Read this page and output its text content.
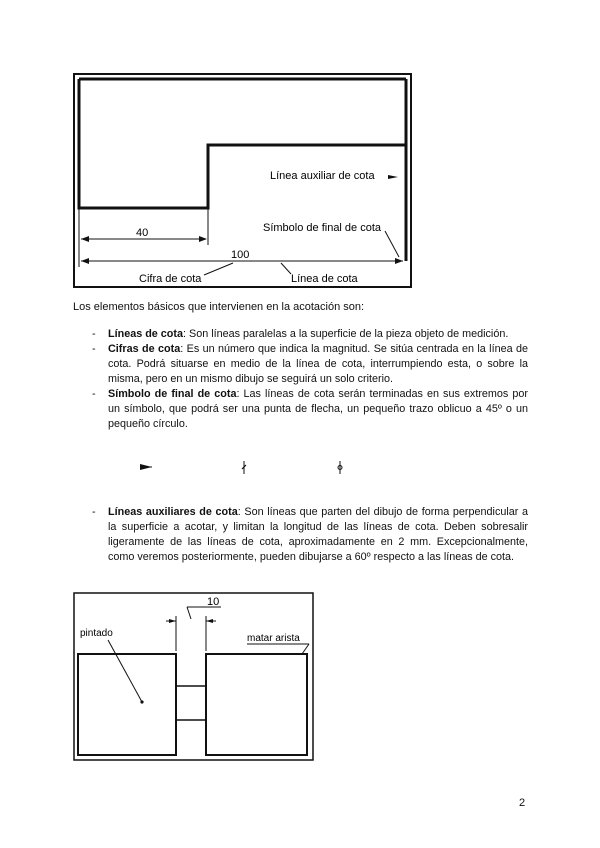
40
100
Línea auxiliar de cota
Símbolo de final de cota
Cifra de cota	Línea de cota
Los elementos básicos que intervienen en la acotación son:
- Líneas de cota: Son líneas paralelas a la superficie de la pieza objeto de medición.
- Cifras de cota: Es un número que indica la magnitud. Se sitúa centrada en la línea de cota. Podrá situarse en medio de la línea de cota, interrumpiendo esta, o sobre la misma, pero en un mismo dibujo se seguirá un solo criterio.
- Símbolo de final de cota: Las líneas de cota serán terminadas en sus extremos por un símbolo, que podrá ser una punta de flecha, un pequeño trazo oblicuo a 45º o un pequeño círculo.
- Líneas auxiliares de cota: Son líneas que parten del dibujo de forma perpendicular a la superficie a acotar, y limitan la longitud de las líneas de cota. Deben sobresalir ligeramente de las líneas de cota, aproximadamente en 2 mm. Excepcionalmente, como veremos posteriormente, pueden dibujarse a 60º respecto a las líneas de cota.
10
pintado	matar arista
2
